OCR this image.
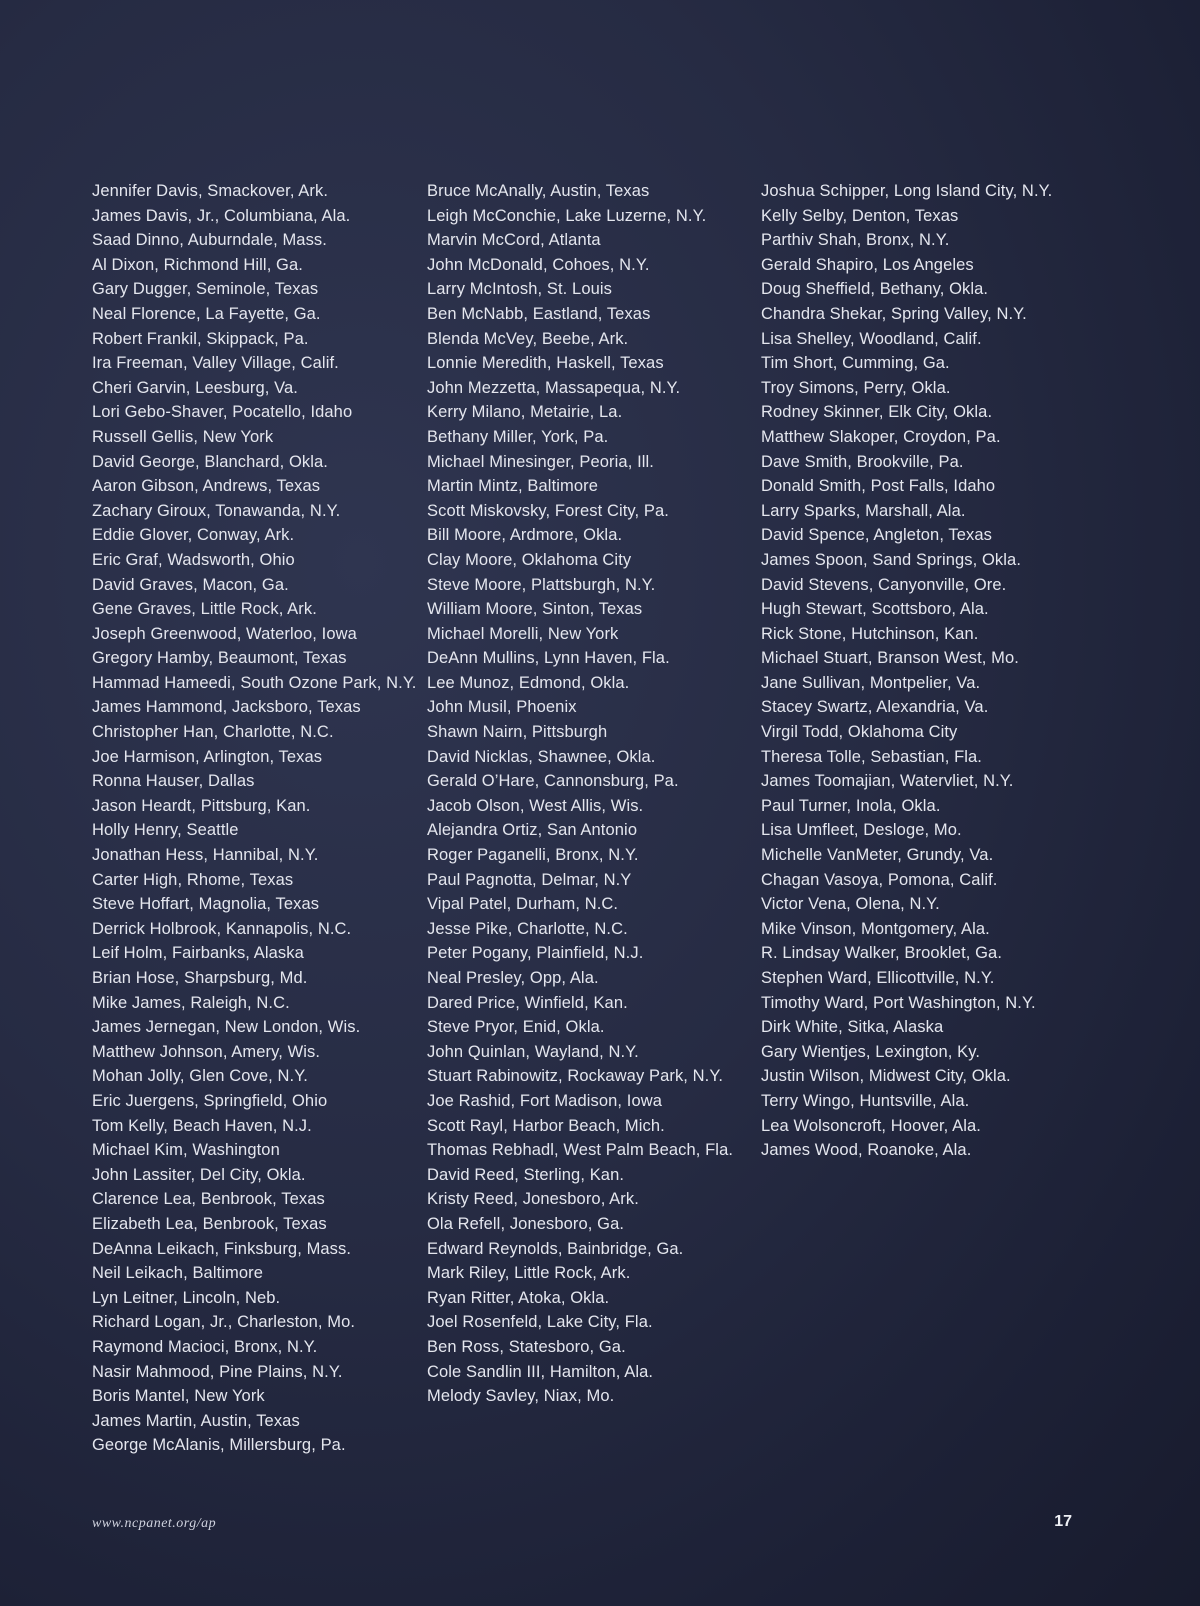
Jennifer Davis, Smackover, Ark.
James Davis, Jr., Columbiana, Ala.
Saad Dinno, Auburndale, Mass.
Al Dixon, Richmond Hill, Ga.
Gary Dugger, Seminole, Texas
Neal Florence, La Fayette, Ga.
Robert Frankil, Skippack, Pa.
Ira Freeman, Valley Village, Calif.
Cheri Garvin, Leesburg, Va.
Lori Gebo-Shaver, Pocatello, Idaho
Russell Gellis, New York
David George, Blanchard, Okla.
Aaron Gibson, Andrews, Texas
Zachary Giroux, Tonawanda, N.Y.
Eddie Glover, Conway, Ark.
Eric Graf, Wadsworth, Ohio
David Graves, Macon, Ga.
Gene Graves, Little Rock, Ark.
Joseph Greenwood, Waterloo, Iowa
Gregory Hamby, Beaumont, Texas
Hammad Hameedi, South Ozone Park, N.Y.
James Hammond, Jacksboro, Texas
Christopher Han, Charlotte, N.C.
Joe Harmison, Arlington, Texas
Ronna Hauser, Dallas
Jason Heardt, Pittsburg, Kan.
Holly Henry, Seattle
Jonathan Hess, Hannibal, N.Y.
Carter High, Rhome, Texas
Steve Hoffart, Magnolia, Texas
Derrick Holbrook, Kannapolis, N.C.
Leif Holm, Fairbanks, Alaska
Brian Hose, Sharpsburg, Md.
Mike James, Raleigh, N.C.
James Jernegan, New London, Wis.
Matthew Johnson, Amery, Wis.
Mohan Jolly, Glen Cove, N.Y.
Eric Juergens, Springfield, Ohio
Tom Kelly, Beach Haven, N.J.
Michael Kim, Washington
John Lassiter, Del City, Okla.
Clarence Lea, Benbrook, Texas
Elizabeth Lea, Benbrook, Texas
DeAnna Leikach, Finksburg, Mass.
Neil Leikach, Baltimore
Lyn Leitner, Lincoln, Neb.
Richard Logan, Jr., Charleston, Mo.
Raymond Macioci, Bronx, N.Y.
Nasir Mahmood, Pine Plains, N.Y.
Boris Mantel, New York
James Martin, Austin, Texas
George McAlanis, Millersburg, Pa.
Bruce McAnally, Austin, Texas
Leigh McConchie, Lake Luzerne, N.Y.
Marvin McCord, Atlanta
John McDonald, Cohoes, N.Y.
Larry McIntosh, St. Louis
Ben McNabb, Eastland, Texas
Blenda McVey, Beebe, Ark.
Lonnie Meredith, Haskell, Texas
John Mezzetta, Massapequa, N.Y.
Kerry Milano, Metairie, La.
Bethany Miller, York, Pa.
Michael Minesinger, Peoria, Ill.
Martin Mintz, Baltimore
Scott Miskovsky, Forest City, Pa.
Bill Moore, Ardmore, Okla.
Clay Moore, Oklahoma City
Steve Moore, Plattsburgh, N.Y.
William Moore, Sinton, Texas
Michael Morelli, New York
DeAnn Mullins, Lynn Haven, Fla.
Lee Munoz, Edmond, Okla.
John Musil, Phoenix
Shawn Nairn, Pittsburgh
David Nicklas, Shawnee, Okla.
Gerald O’Hare, Cannonsburg, Pa.
Jacob Olson, West Allis, Wis.
Alejandra Ortiz, San Antonio
Roger Paganelli, Bronx, N.Y.
Paul Pagnotta, Delmar, N.Y
Vipal Patel, Durham, N.C.
Jesse Pike, Charlotte, N.C.
Peter Pogany, Plainfield, N.J.
Neal Presley, Opp, Ala.
Dared Price, Winfield, Kan.
Steve Pryor, Enid, Okla.
John Quinlan, Wayland, N.Y.
Stuart Rabinowitz, Rockaway Park, N.Y.
Joe Rashid, Fort Madison, Iowa
Scott Rayl, Harbor Beach, Mich.
Thomas Rebhadl, West Palm Beach, Fla.
David Reed, Sterling, Kan.
Kristy Reed, Jonesboro, Ark.
Ola Refell, Jonesboro, Ga.
Edward Reynolds, Bainbridge, Ga.
Mark Riley, Little Rock, Ark.
Ryan Ritter, Atoka, Okla.
Joel Rosenfeld, Lake City, Fla.
Ben Ross, Statesboro, Ga.
Cole Sandlin III, Hamilton, Ala.
Melody Savley, Niax, Mo.
Joshua Schipper, Long Island City, N.Y.
Kelly Selby, Denton, Texas
Parthiv Shah, Bronx, N.Y.
Gerald Shapiro, Los Angeles
Doug Sheffield, Bethany, Okla.
Chandra Shekar, Spring Valley, N.Y.
Lisa Shelley, Woodland, Calif.
Tim Short, Cumming, Ga.
Troy Simons, Perry, Okla.
Rodney Skinner, Elk City, Okla.
Matthew Slakoper, Croydon, Pa.
Dave Smith, Brookville, Pa.
Donald Smith, Post Falls, Idaho
Larry Sparks, Marshall, Ala.
David Spence, Angleton, Texas
James Spoon, Sand Springs, Okla.
David Stevens, Canyonville, Ore.
Hugh Stewart, Scottsboro, Ala.
Rick Stone, Hutchinson, Kan.
Michael Stuart, Branson West, Mo.
Jane Sullivan, Montpelier, Va.
Stacey Swartz, Alexandria, Va.
Virgil Todd, Oklahoma City
Theresa Tolle, Sebastian, Fla.
James Toomajian, Watervliet, N.Y.
Paul Turner, Inola, Okla.
Lisa Umfleet, Desloge, Mo.
Michelle VanMeter, Grundy, Va.
Chagan Vasoya, Pomona, Calif.
Victor Vena, Olena, N.Y.
Mike Vinson, Montgomery, Ala.
R. Lindsay Walker, Brooklet, Ga.
Stephen Ward, Ellicottville, N.Y.
Timothy Ward, Port Washington, N.Y.
Dirk White, Sitka, Alaska
Gary Wientjes, Lexington, Ky.
Justin Wilson, Midwest City, Okla.
Terry Wingo, Huntsville, Ala.
Lea Wolsoncroft, Hoover, Ala.
James Wood, Roanoke, Ala.
www.ncpanet.org/ap	17
